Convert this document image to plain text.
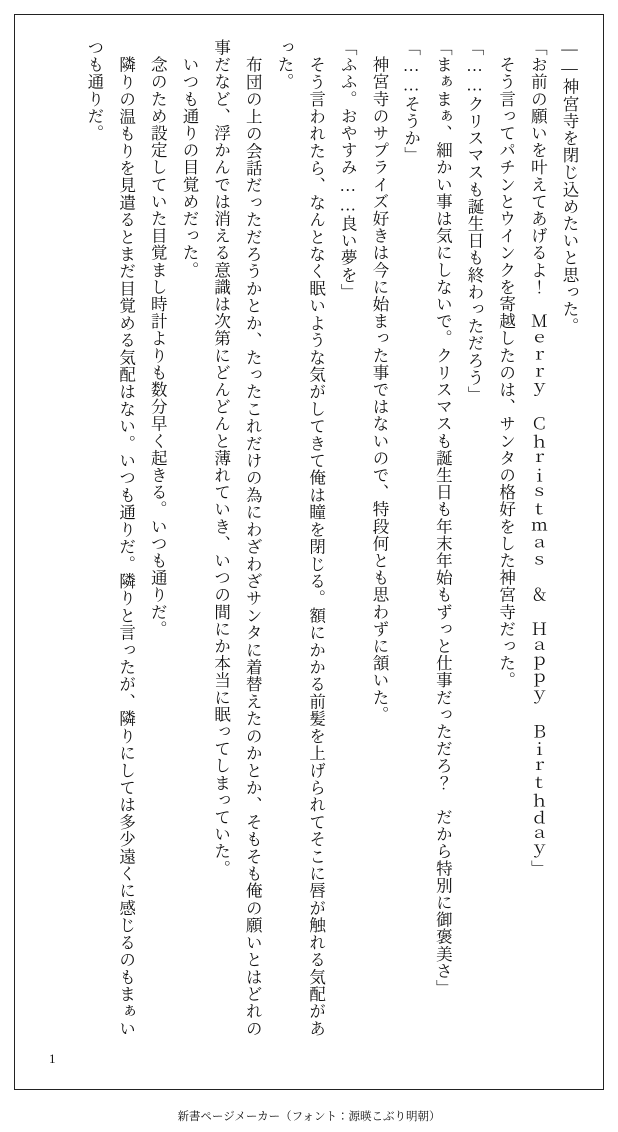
――神宮寺を閉じ込めたいと思った。

「お前の願いを叶えてあげるよ！　Ｍｅｒｒｙ　Ｃｈｒｉｓｔｍａｓ　＆　Ｈａｐｐｙ　Ｂｉｒｔｈｄａｙ」

　そう言ってパチンとウインクを寄越したのは、サンタの格好をした神宮寺だった。

「……クリスマスも誕生日も終わっただろう」

「まぁまぁ、細かい事は気にしないで。クリスマスも誕生日も年末年始もずっと仕事だっただろ？　だから特別に御褒美さ」

「……そうか」

　神宮寺のサプライズ好きは今に始まった事ではないので、特段何とも思わずに頷いた。

「ふふ。おやすみ……良い夢を」

　そう言われたら、なんとなく眠いような気がしてきて俺は瞳を閉じる。額にかかる前髪を上げられてそこに唇が触れる気配があった。

　布団の上の会話だっただろうかとか、たったこれだけの為にわざわざサンタに着替えたのかとか、そもそも俺の願いとはどれの事だなど、浮かんでは消える意識は次第にどんどんと薄れていき、いつの間にか本当に眠ってしまっていた。

　いつも通りの目覚めだった。

　念のため設定していた目覚まし時計よりも数分早く起きる。いつも通りだ。

　隣りの温もりを見遣るとまだ目覚める気配はない。いつも通りだ。隣りと言ったが、隣りにしては多少遠くに感じるのもまぁいつも通りだ。

1
新書ページメーカー（フォント：源暎こぶり明朝）
